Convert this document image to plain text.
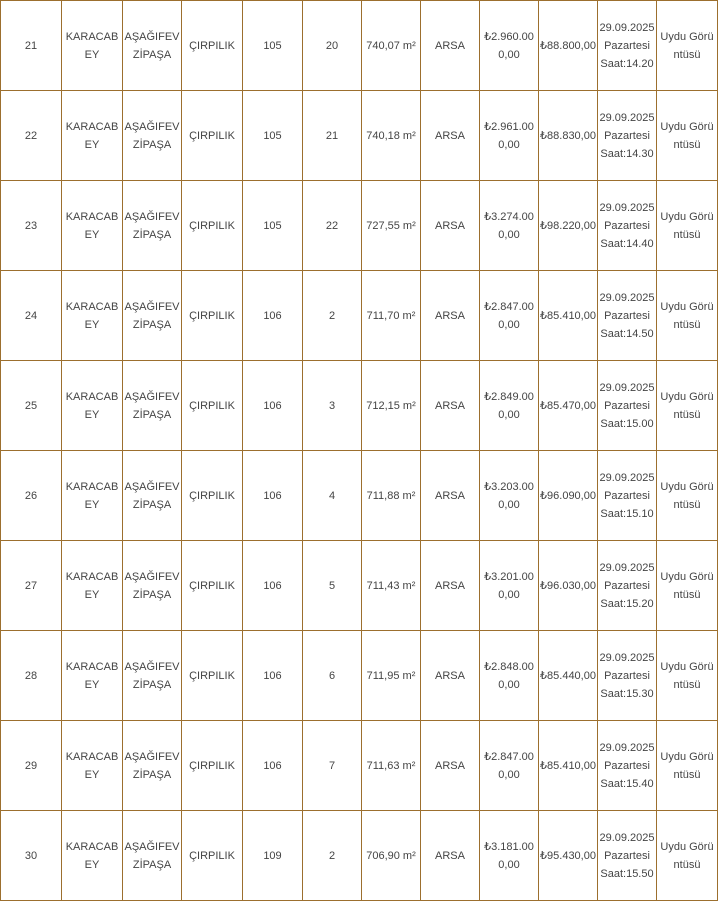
21	KARACABEY	AŞAĞIFEVZİPAŞA	ÇIRPILIK	105	20	740,07 m²	ARSA	₺2.960.000,00	₺88.800,00	29.09.2025 Pazartesi Saat:14.20	Uydu Görüntüsü
22	KARACABEY	AŞAĞIFEVZİPAŞA	ÇIRPILIK	105	21	740,18 m²	ARSA	₺2.961.000,00	₺88.830,00	29.09.2025 Pazartesi Saat:14.30	Uydu Görüntüsü
23	KARACABEY	AŞAĞIFEVZİPAŞA	ÇIRPILIK	105	22	727,55 m²	ARSA	₺3.274.000,00	₺98.220,00	29.09.2025 Pazartesi Saat:14.40	Uydu Görüntüsü
24	KARACABEY	AŞAĞIFEVZİPAŞA	ÇIRPILIK	106	2	711,70 m²	ARSA	₺2.847.000,00	₺85.410,00	29.09.2025 Pazartesi Saat:14.50	Uydu Görüntüsü
25	KARACABEY	AŞAĞIFEVZİPAŞA	ÇIRPILIK	106	3	712,15 m²	ARSA	₺2.849.000,00	₺85.470,00	29.09.2025 Pazartesi Saat:15.00	Uydu Görüntüsü
26	KARACABEY	AŞAĞIFEVZİPAŞA	ÇIRPILIK	106	4	711,88 m²	ARSA	₺3.203.000,00	₺96.090,00	29.09.2025 Pazartesi Saat:15.10	Uydu Görüntüsü
27	KARACABEY	AŞAĞIFEVZİPAŞA	ÇIRPILIK	106	5	711,43 m²	ARSA	₺3.201.000,00	₺96.030,00	29.09.2025 Pazartesi Saat:15.20	Uydu Görüntüsü
28	KARACABEY	AŞAĞIFEVZİPAŞA	ÇIRPILIK	106	6	711,95 m²	ARSA	₺2.848.000,00	₺85.440,00	29.09.2025 Pazartesi Saat:15.30	Uydu Görüntüsü
29	KARACABEY	AŞAĞIFEVZİPAŞA	ÇIRPILIK	106	7	711,63 m²	ARSA	₺2.847.000,00	₺85.410,00	29.09.2025 Pazartesi Saat:15.40	Uydu Görüntüsü
30	KARACABEY	AŞAĞIFEVZİPAŞA	ÇIRPILIK	109	2	706,90 m²	ARSA	₺3.181.000,00	₺95.430,00	29.09.2025 Pazartesi Saat:15.50	Uydu Görüntüsü
